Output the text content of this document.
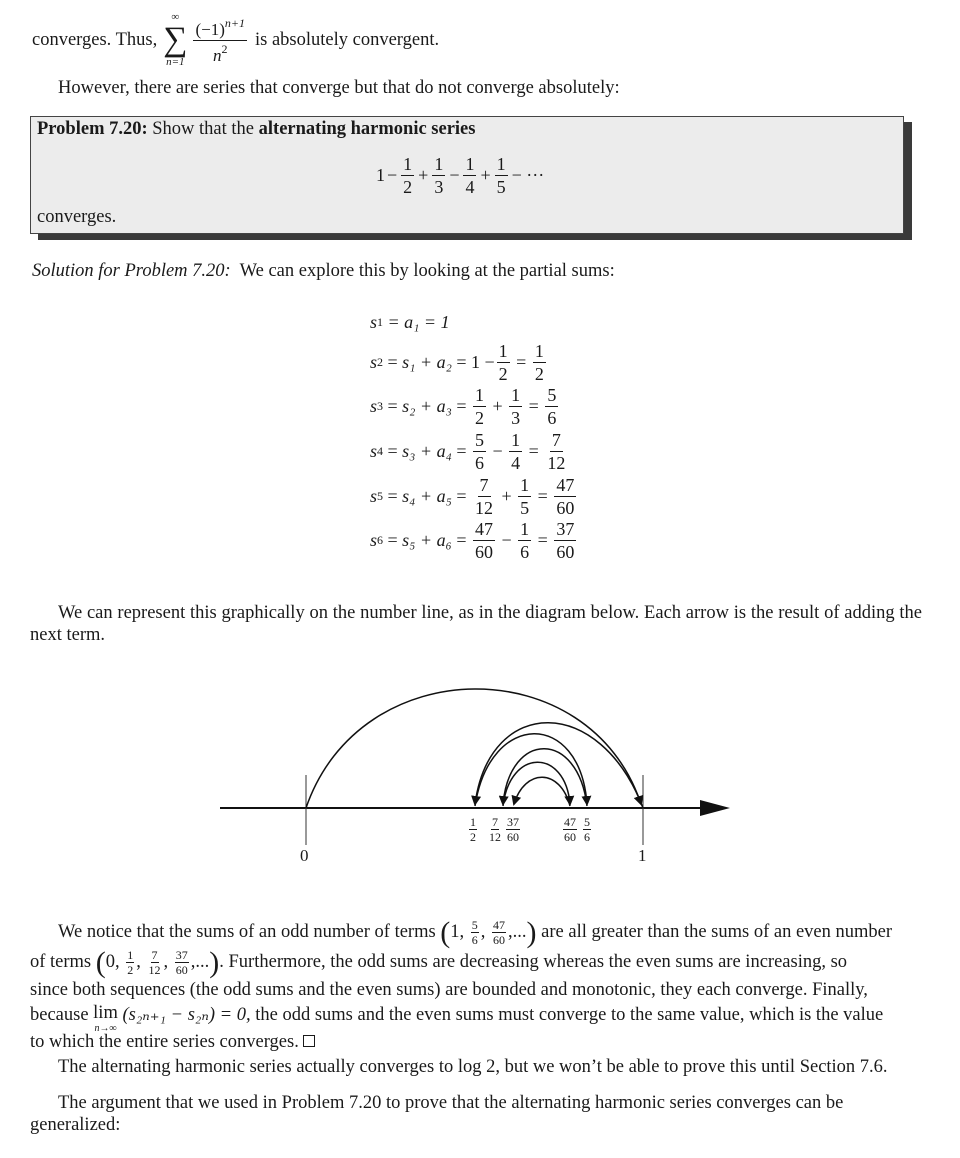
converges. Thus,
∞
∑
$n=1 \frac{(-1)^{n+1}}{n^2}$ is absolutely convergent.
However, there are series that converge but that do not converge absolutely:
Problem 7.20: Show that the alternating harmonic series
$1 - \frac{1}{2} + \frac{1}{3} - \frac{1}{4} + \frac{1}{5}$ − ···
converges.
Solution for Problem 7.20: We can explore this by looking at the partial sums:
s 1
= a₁ = 1
s 2 = s₁ + a₂ = 1
− $\frac{1}{2} = \frac{1}{2}$
s $3 = s_2 + a_3 = \frac{1}{2}$
+
$\frac{1}{3} = \frac{5}{6}$
s $4 = s_3 + a_4 = \frac{5}{6}$
−
$\frac{1}{4} = \frac{7}{12}$
s $5 = s_4 + a_5 = \frac{7}{12}$
+
$\frac{1}{5} = \frac{47}{60}$
s $6 = s_5 + a_6 = \frac{47}{60}$
−
$\frac{1}{6} = \frac{37}{60}$
We can represent this graphically on the number line, as in the diagram below. Each arrow is the result of adding the next term.
$\frac{1}{2} \frac{7}{12} \frac{37}{60}$	$\frac{47}{60} \frac{5}{6}$
0	1
We notice that the sums of an odd number of terms (1, $\frac{5}{6}$ , $\frac{47}{60}$ ,...) are all greater than the sums of an even number
of terms (0, $\frac{1}{2}$ , $\frac{7}{12}$ , $\frac{37}{60}$ ,...). Furthermore, the odd sums are decreasing whereas the even sums are increasing, so
since both sequences (the odd sums and the even sums) are bounded and monotonic, they each converge. Finally,
because lim
n→∞
(s₂ₙ₊₁ − s₂ₙ) = 0, the odd sums and the even sums must converge to the same value, which is the value
to which the entire series converges.
The alternating harmonic series actually converges to log 2, but we won’t be able to prove this until Section 7.6.
The argument that we used in Problem 7.20 to prove that the alternating harmonic series converges can be
generalized:
